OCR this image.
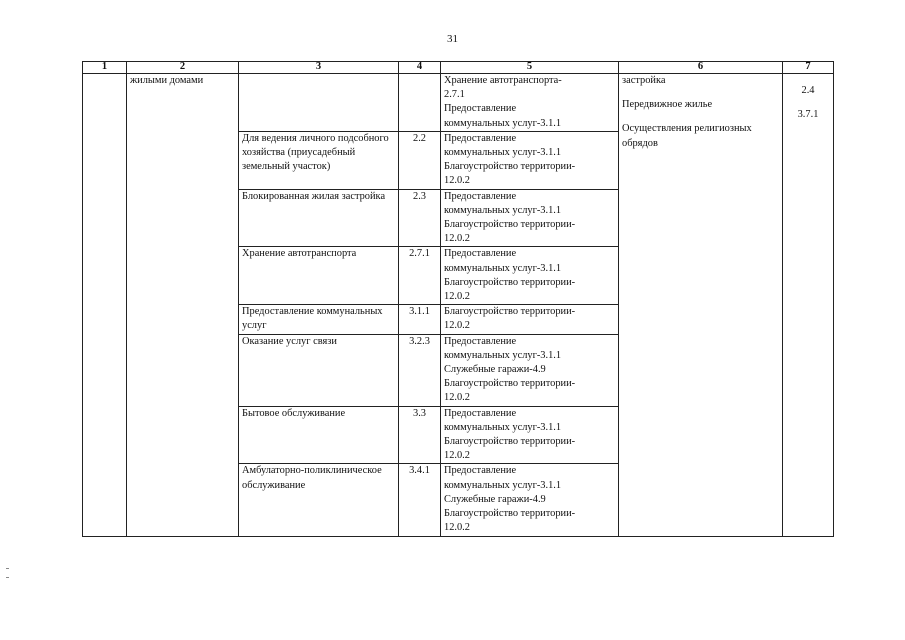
31
1	2	3	4	5	6	7
	жилыми домами			Хранение автотранспорта-
2.7.1
Предоставление
коммунальных услуг-3.1.1	застройка
Передвижное жилье
Осуществления религиозных обрядов	2.4
3.7.1

		Для ведения личного подсобного хозяйства (приусадебный земельный участок)	2.2	Предоставление
коммунальных услуг-3.1.1
Благоустройство территории-
12.0.2		

		Блокированная жилая застройка	2.3	Предоставление
коммунальных услуг-3.1.1
Благоустройство территории-
12.0.2		

		Хранение автотранспорта	2.7.1	Предоставление
коммунальных услуг-3.1.1
Благоустройство территории-
12.0.2		

		Предоставление коммунальных услуг	3.1.1	Благоустройство территории-
12.0.2		

		Оказание услуг связи	3.2.3	Предоставление
коммунальных услуг-3.1.1
Служебные гаражи-4.9
Благоустройство территории-
12.0.2		

		Бытовое обслуживание	3.3	Предоставление
коммунальных услуг-3.1.1
Благоустройство территории-
12.0.2		

		Амбулаторно-поликлиническое обслуживание	3.4.1	Предоставление
коммунальных услуг-3.1.1
Служебные гаражи-4.9
Благоустройство территории-
12.0.2		
